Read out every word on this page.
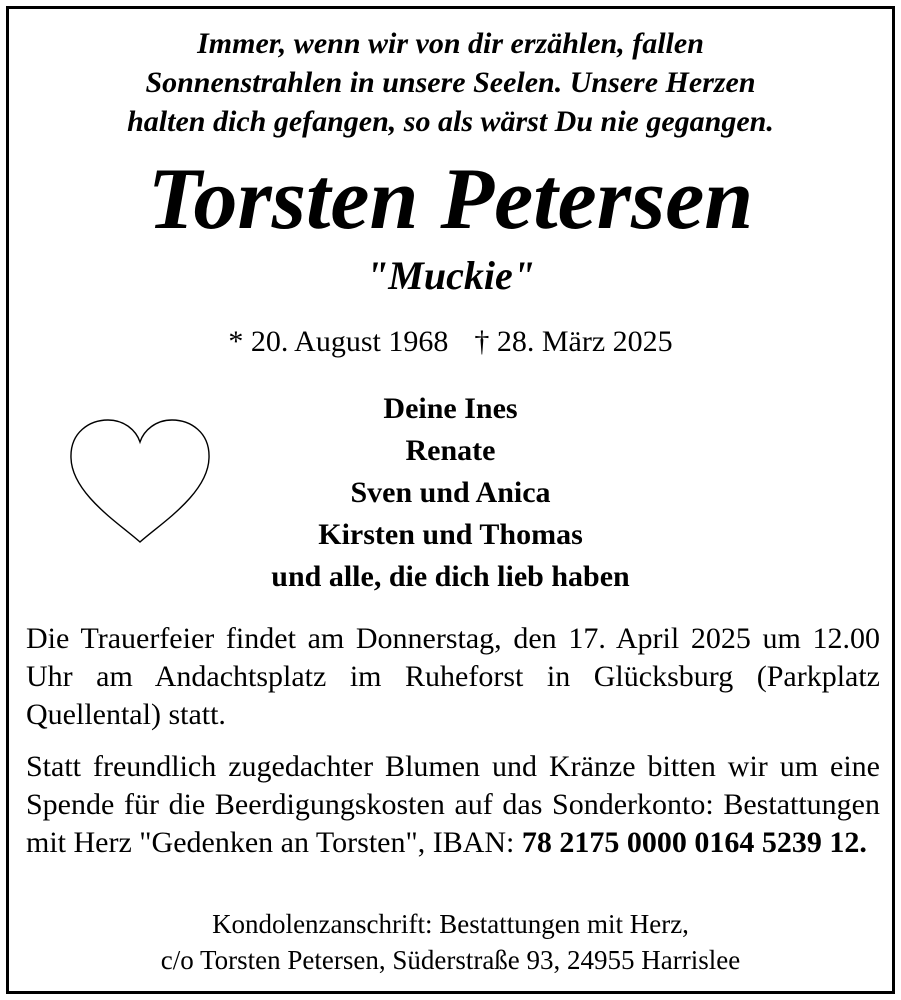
Immer, wenn wir von dir erzählen, fallen
Sonnenstrahlen in unsere Seelen. Unsere Herzen
halten dich gefangen, so als wärst Du nie gegangen.
Torsten Petersen
"Muckie"
* 20. August 1968 † 28. März 2025
Deine Ines
Renate
Sven und Anica
Kirsten und Thomas
und alle, die dich lieb haben
Die Trauerfeier findet am Donnerstag, den 17. April 2025 um 12.00 Uhr am Andachtsplatz im Ruheforst in Glücksburg (Parkplatz Quellental) statt.
Statt freundlich zugedachter Blumen und Kränze bitten wir um eine Spende für die Beerdigungskosten auf das Sonderkonto: Bestattungen mit Herz "Gedenken an Torsten", IBAN: 78 2175 0000 0164 5239 12.
Kondolenzanschrift: Bestattungen mit Herz,
c/o Torsten Petersen, Süderstraße 93, 24955 Harrislee
